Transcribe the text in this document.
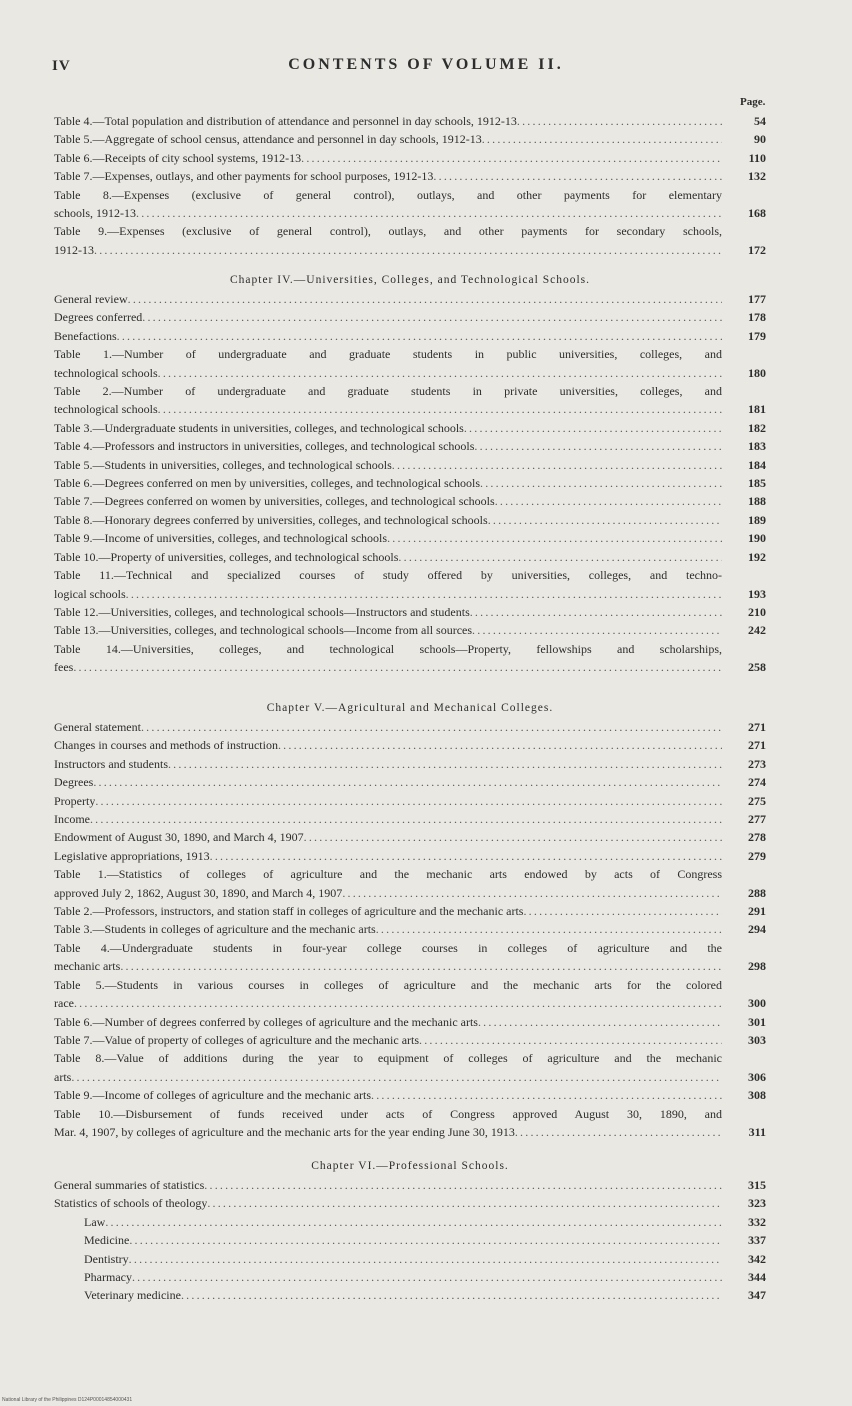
IV	CONTENTS OF VOLUME II.
Page.
Table 4.—Total population and distribution of attendance and personnel in day schools, 1912-13 .....	54
Table 5.—Aggregate of school census, attendance and personnel in day schools, 1912-13 .....	90
Table 6.—Receipts of city school systems, 1912-13 .....	110
Table 7.—Expenses, outlays, and other payments for school purposes, 1912-13 .....	132
Table 8.—Expenses (exclusive of general control), outlays, and other payments for elementary
schools, 1912-13 .....	168
Table 9.—Expenses (exclusive of general control), outlays, and other payments for secondary schools,
1912-13 .....	172
Chapter IV.—Universities, Colleges, and Technological Schools.
General review .....	177
Degrees conferred .....	178
Benefactions .....	179
Table 1.—Number of undergraduate and graduate students in public universities, colleges, and
technological schools .....	180
Table 2.—Number of undergraduate and graduate students in private universities, colleges, and
technological schools .....	181
Table 3.—Undergraduate students in universities, colleges, and technological schools .....	182
Table 4.—Professors and instructors in universities, colleges, and technological schools .....	183
Table 5.—Students in universities, colleges, and technological schools .....	184
Table 6.—Degrees conferred on men by universities, colleges, and technological schools .....	185
Table 7.—Degrees conferred on women by universities, colleges, and technological schools .....	188
Table 8.—Honorary degrees conferred by universities, colleges, and technological schools .....	189
Table 9.—Income of universities, colleges, and technological schools .....	190
Table 10.—Property of universities, colleges, and technological schools .....	192
Table 11.—Technical and specialized courses of study offered by universities, colleges, and techno-
logical schools .....	193
Table 12.—Universities, colleges, and technological schools—Instructors and students .....	210
Table 13.—Universities, colleges, and technological schools—Income from all sources .....	242
Table 14.—Universities, colleges, and technological schools—Property, fellowships and scholarships,
fees .....	258
Chapter V.—Agricultural and Mechanical Colleges.
General statement .....	271
Changes in courses and methods of instruction .....	271
Instructors and students .....	273
Degrees .....	274
Property .....	275
Income .....	277
Endowment of August 30, 1890, and March 4, 1907 .....	278
Legislative appropriations, 1913 .....	279
Table 1.—Statistics of colleges of agriculture and the mechanic arts endowed by acts of Congress
approved July 2, 1862, August 30, 1890, and March 4, 1907 .....	288
Table 2.—Professors, instructors, and station staff in colleges of agriculture and the mechanic arts .....	291
Table 3.—Students in colleges of agriculture and the mechanic arts .....	294
Table 4.—Undergraduate students in four-year college courses in colleges of agriculture and the
mechanic arts .....	298
Table 5.—Students in various courses in colleges of agriculture and the mechanic arts for the colored
race .....	300
Table 6.—Number of degrees conferred by colleges of agriculture and the mechanic arts .....	301
Table 7.—Value of property of colleges of agriculture and the mechanic arts .....	303
Table 8.—Value of additions during the year to equipment of colleges of agriculture and the mechanic
arts .....	306
Table 9.—Income of colleges of agriculture and the mechanic arts .....	308
Table 10.—Disbursement of funds received under acts of Congress approved August 30, 1890, and
Mar. 4, 1907, by colleges of agriculture and the mechanic arts for the year ending June 30, 1913 .....	311
Chapter VI.—Professional Schools.
General summaries of statistics .....	315
Statistics of schools of theology .....	323
Law .....	332
Medicine .....	337
Dentistry .....	342
Pharmacy .....	344
Veterinary medicine .....	347
National Library of the Philippines D124P00014854000431
